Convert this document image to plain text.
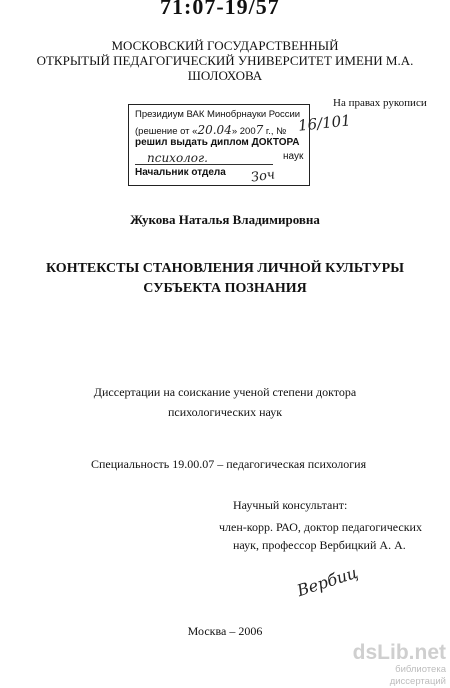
71:07-19/57
МОСКОВСКИЙ ГОСУДАРСТВЕННЫЙ
ОТКРЫТЫЙ ПЕДАГОГИЧЕСКИЙ УНИВЕРСИТЕТ ИМЕНИ М.А. ШОЛОХОВА
На правах рукописи
Президиум ВАК Минобрнауки России
(решение от «20.04» 2007 г., №
решил выдать диплом ДОКТОРА
психолог.	наук
Начальник отдела Зоч
16/101
Жукова Наталья Владимировна
КОНТЕКСТЫ СТАНОВЛЕНИЯ ЛИЧНОЙ КУЛЬТУРЫ
СУБЪЕКТА ПОЗНАНИЯ
Диссертации на соискание ученой степени доктора
психологических наук
Специальность 19.00.07 – педагогическая психология
Научный консультант:
член-корр. РАО, доктор педагогических
наук, профессор Вербицкий А. А.
Вербиц
Москва – 2006
dsLib.net
библиотека диссертаций
